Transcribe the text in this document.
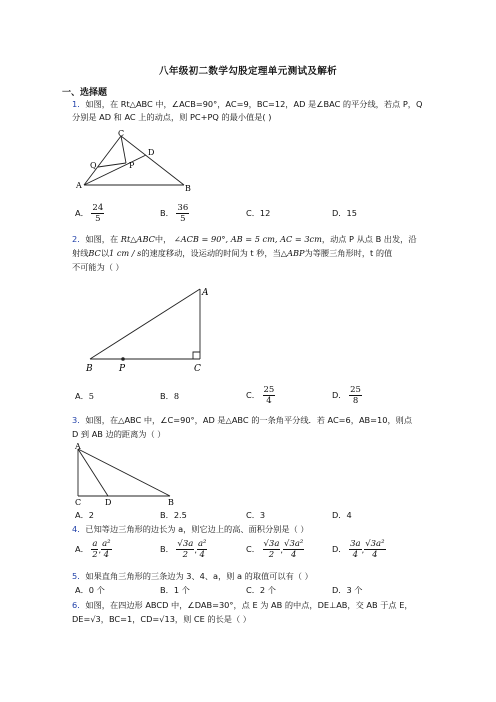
八年级初二数学勾股定理单元测试及解析
一、选择题
1．如图，在 Rt△ABC 中，∠ACB=90°，AC=9，BC=12，AD 是∠BAC 的平分线，若点 P，Q
分别是 AD 和 AC 上的动点，则 PC+PQ 的最小值是( )
C
D
Q	P
A	B
A． $\frac{24}{5}$	B． $\frac{36}{5}$	C．12	D．15
2．如图，在 Rt△ABC中， ∠ACB = 90°, AB = 5 cm, AC = 3cm，动点 P 从点 B 出发，沿
射线BC以1 cm / s的速度移动，设运动的时间为 t 秒，当△ABP为等腰三角形时，t 的值
不可能为（ ）
A
B	P	C
A．5	B．8	C． $\frac{25}{4}$	D． $\frac{25}{8}$
3．如图，在△ABC 中，∠C=90°，AD 是△ABC 的一条角平分线．若 AC=6，AB=10，则点
D 到 AB 边的距离为（ ）
A
C	D	B
A．2	B．2.5	C．3	D．4
4．已知等边三角形的边长为 a，则它边上的高、面积分别是（ ）
A． $\frac{a}{2}$ , $\frac{\text{a²}}{4}$	B． $\frac{√3a}{2}$ , $\frac{\text{a²}}{4}$	C． $\frac{√3a}{2}$ , $\frac{\text{√3a²}}{4}$	D． $\frac{3a}{4}$ , $\frac{\text{√3a²}}{4}$
5．如果直角三角形的三条边为 3、4、a，则 a 的取值可以有（ ）
A．0 个	B．1 个	C．2 个	D．3 个
6．如图，在四边形 ABCD 中，∠DAB=30°，点 E 为 AB 的中点，DE⊥AB，交 AB 于点 E，
DE=√3，BC=1，CD=√13，则 CE 的长是（ ）
